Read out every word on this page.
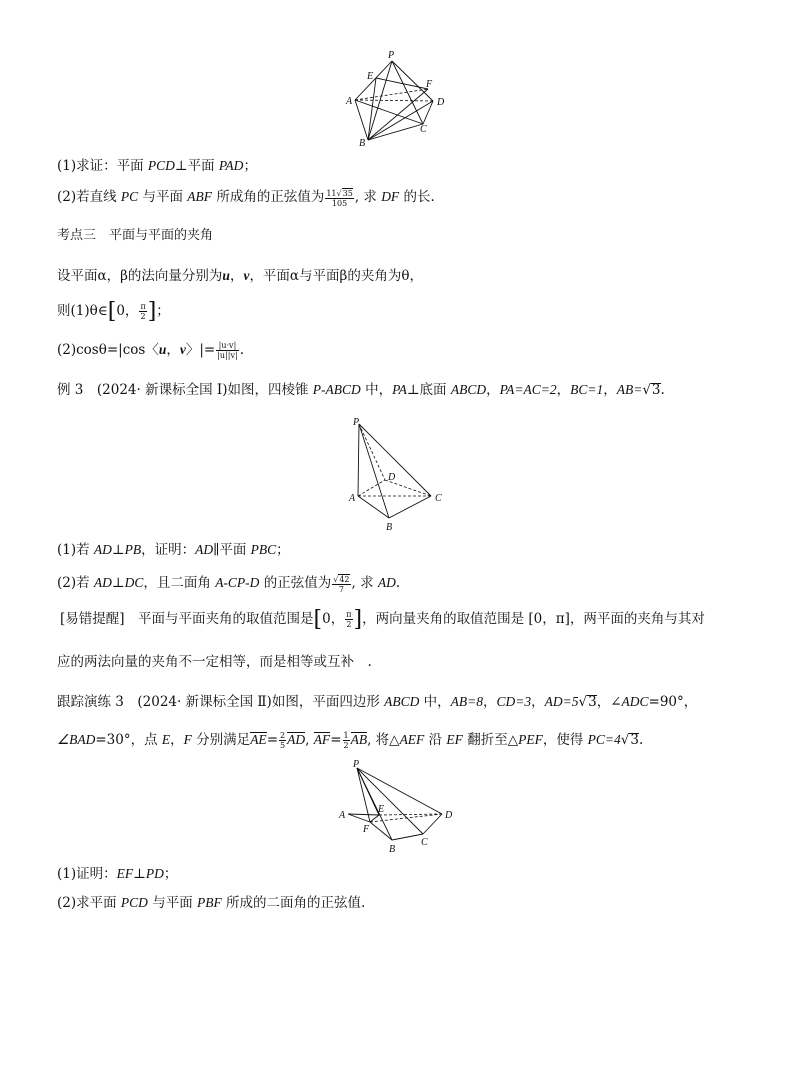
P
E
F
A	D
B
C
(1)求证：平面 PCD⊥平面 PAD；
(2)若直线 PC 与平面 ABF 所成角的正弦值为 $\frac{11√35}{105}$ , 求 DF 的长.
考点三　平面与平面的夹角
设平面α，β的法向量分别为u，v，平面α与平面β的夹角为θ，
则(1)θ∈[0， $\frac{\pi}{2}$ ]；
(2)cosθ=|cos〈u，v〉|= $\frac{|u\cdot v|}{|u||v|}$ .
例 3　(2024· 新课标全国 Ⅰ)如图，四棱锥 P-ABCD 中，PA⊥底面 ABCD，PA=AC=2，BC=1，AB=√3.
P
D
A	C
B
(1)若 AD⊥PB，证明：AD∥平面 PBC；
(2)若 AD⊥DC，且二面角 A-CP-D 的正弦值为 $\frac{√42}{7}$ , 求 AD.
[易错提醒]　平面与平面夹角的取值范围是[0， $\frac{\pi}{2}$ ]，两向量夹角的取值范围是 [0，π]，两平面的夹角与其对
应的两法向量的夹角不一定相等，而是相等或互补　.
跟踪演练 3　(2024· 新课标全国 Ⅱ)如图，平面四边形 ABCD 中，AB=8，CD=3，AD=5√3，∠ADC=90°，
∠BAD=30°，点 E，F 分别满足$AE= \frac{2}{5}$ AD, $AF= \frac{1}{2}$ AB, 将△AEF 沿 EF 翻折至△PEF，使得 PC=4√3.
P
A
E
F
D
B
C
(1)证明：EF⊥PD；
(2)求平面 PCD 与平面 PBF 所成的二面角的正弦值.
